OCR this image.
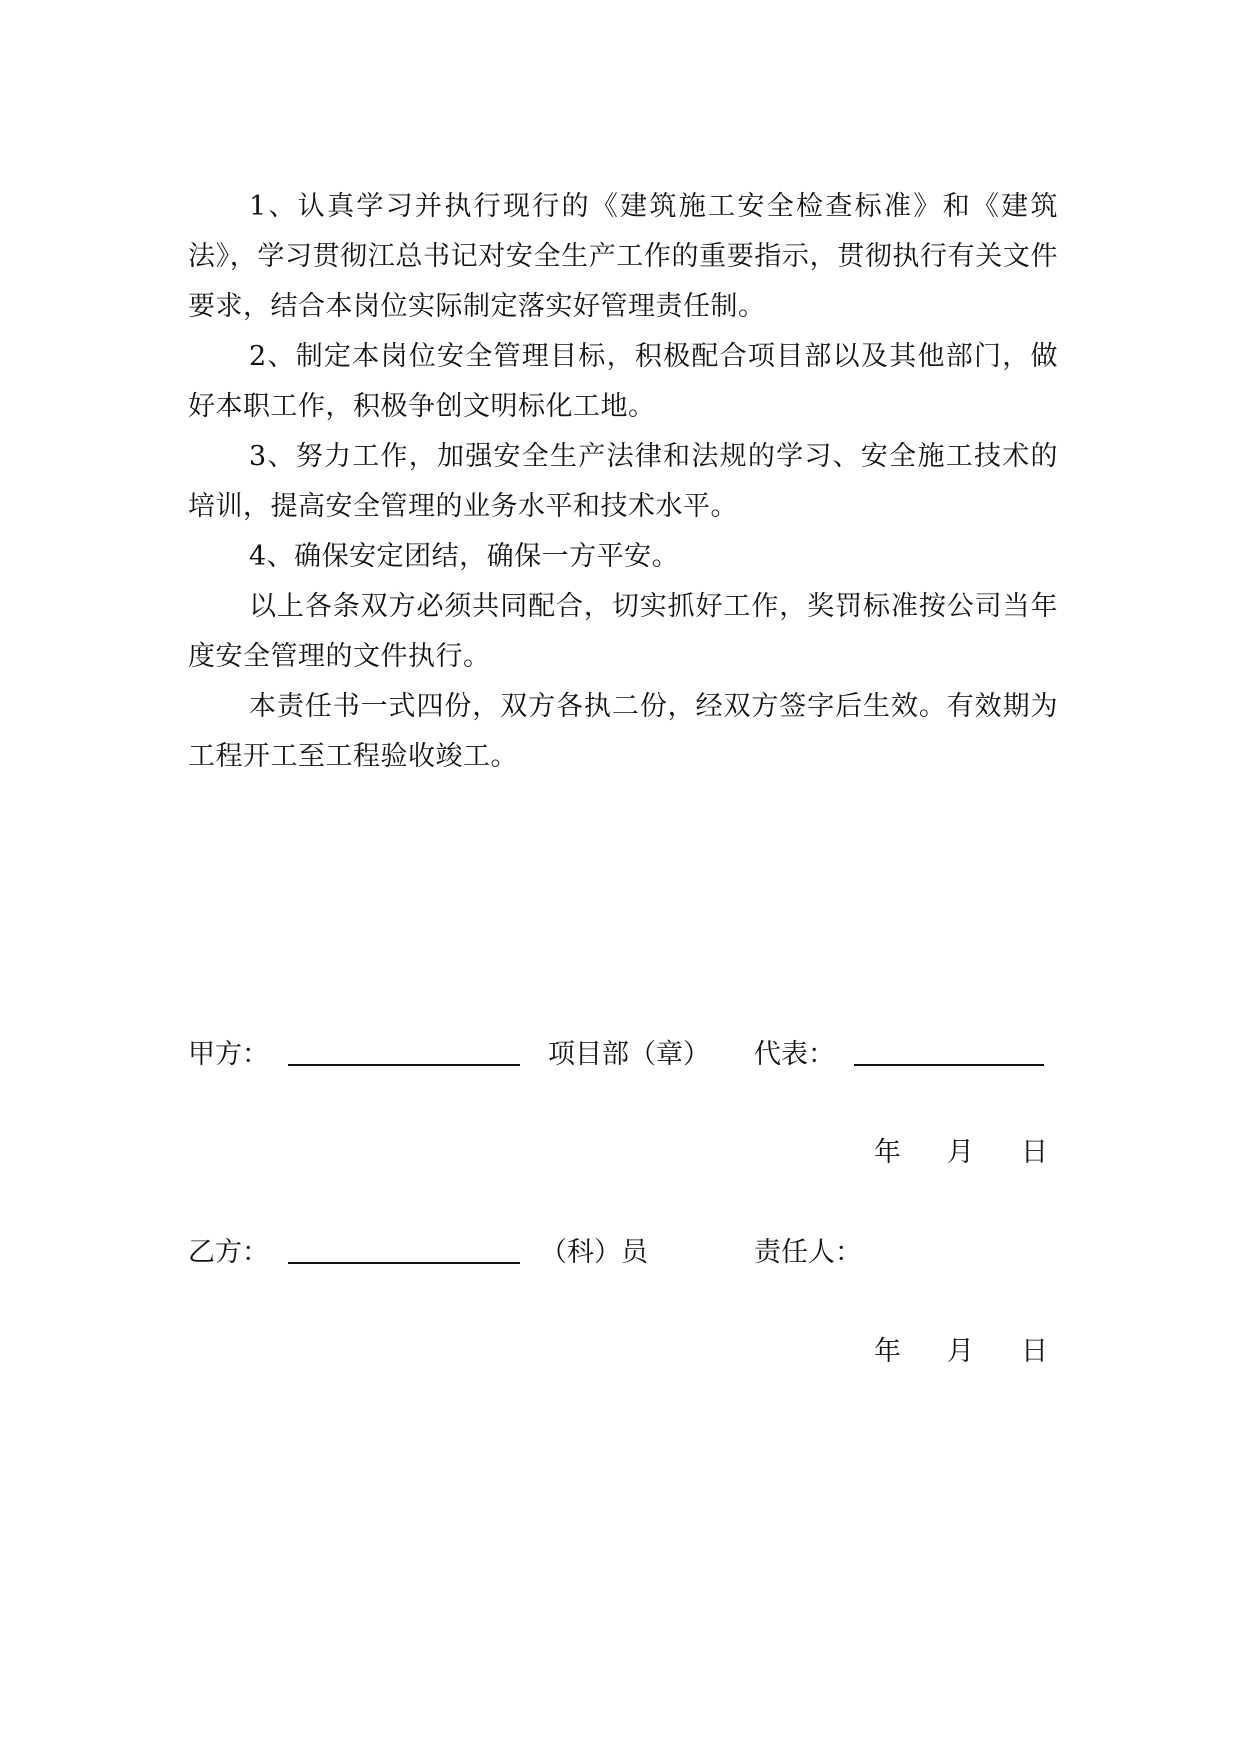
1、认真学习并执行现行的《建筑施工安全检查标准》和《建筑法》，学习贯彻江总书记对安全生产工作的重要指示，贯彻执行有关文件要求，结合本岗位实际制定落实好管理责任制。

2、制定本岗位安全管理目标，积极配合项目部以及其他部门，做好本职工作，积极争创文明标化工地。

3、努力工作，加强安全生产法律和法规的学习、安全施工技术的培训，提高安全管理的业务水平和技术水平。

4、确保安定团结，确保一方平安。

以上各条双方必须共同配合，切实抓好工作，奖罚标准按公司当年度安全管理的文件执行。

本责任书一式四份，双方各执二份，经双方签字后生效。有效期为工程开工至工程验收竣工。

甲方：	项目部（章） 代表：
年 月 日
乙方：	（科）员	责任人：
年 月 日
